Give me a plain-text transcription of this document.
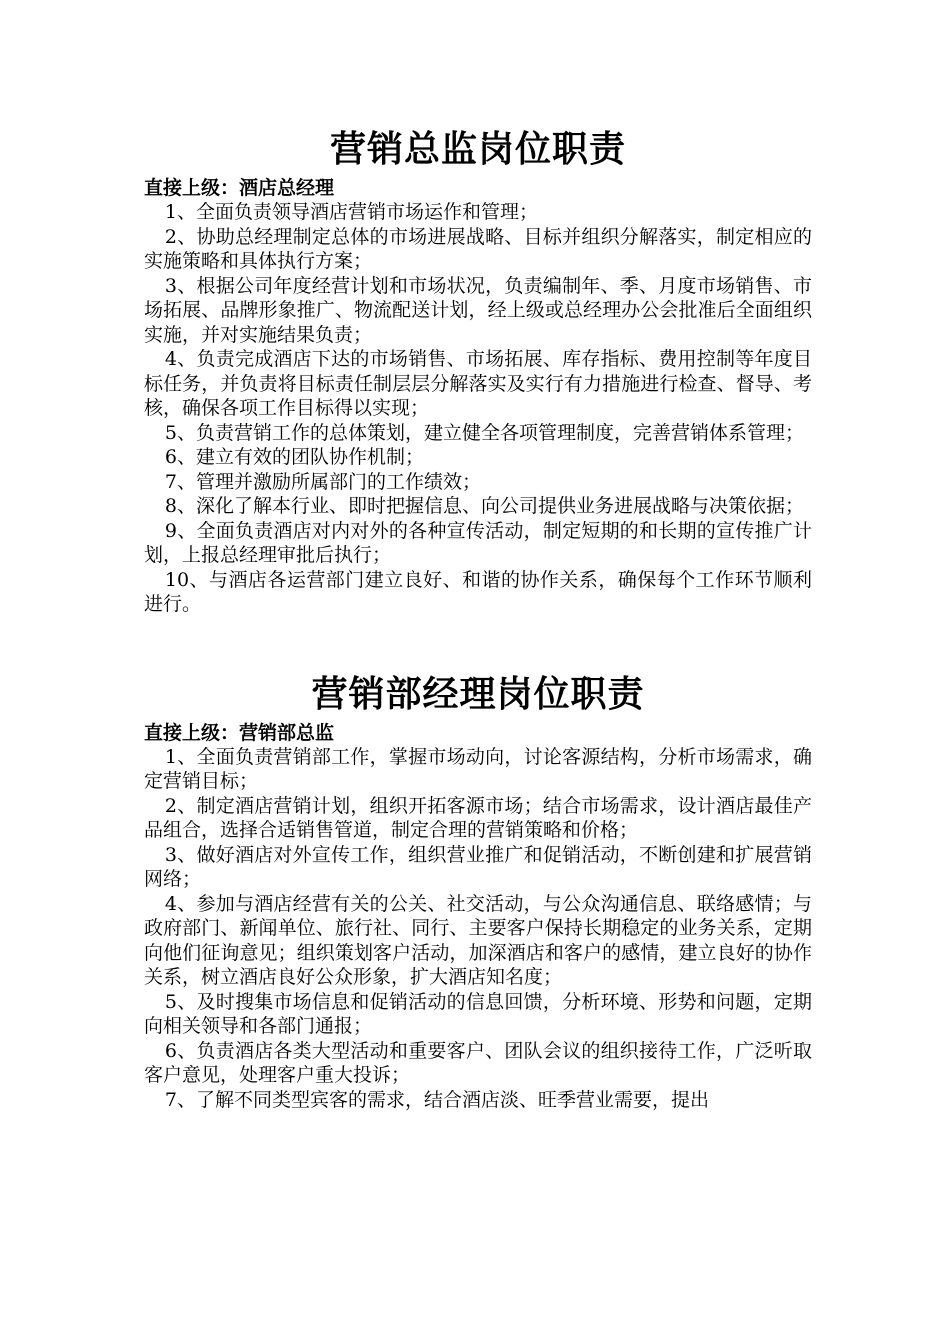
营销总监岗位职责

直接上级：酒店总经理

1、全面负责领导酒店营销市场运作和管理；

2、协助总经理制定总体的市场进展战略、目标并组织分解落实，制定相应的实施策略和具体执行方案；

3、根据公司年度经营计划和市场状况，负责编制年、季、月度市场销售、市场拓展、品牌形象推广、物流配送计划，经上级或总经理办公会批准后全面组织实施，并对实施结果负责；

4、负责完成酒店下达的市场销售、市场拓展、库存指标、费用控制等年度目标任务，并负责将目标责任制层层分解落实及实行有力措施进行检查、督导、考核，确保各项工作目标得以实现；

5、负责营销工作的总体策划，建立健全各项管理制度，完善营销体系管理；

6、建立有效的团队协作机制；

7、管理并激励所属部门的工作绩效；

8、深化了解本行业、即时把握信息、向公司提供业务进展战略与决策依据；

9、全面负责酒店对内对外的各种宣传活动，制定短期的和长期的宣传推广计划，上报总经理审批后执行；

10、与酒店各运营部门建立良好、和谐的协作关系，确保每个工作环节顺利进行。

营销部经理岗位职责

直接上级：营销部总监

1、全面负责营销部工作，掌握市场动向，讨论客源结构，分析市场需求，确定营销目标；

2、制定酒店营销计划，组织开拓客源市场；结合市场需求，设计酒店最佳产品组合，选择合适销售管道，制定合理的营销策略和价格；

3、做好酒店对外宣传工作，组织营业推广和促销活动，不断创建和扩展营销网络；

4、参加与酒店经营有关的公关、社交活动，与公众沟通信息、联络感情；与政府部门、新闻单位、旅行社、同行、主要客户保持长期稳定的业务关系，定期向他们征询意见；组织策划客户活动，加深酒店和客户的感情，建立良好的协作关系，树立酒店良好公众形象，扩大酒店知名度；

5、及时搜集市场信息和促销活动的信息回馈，分析环境、形势和问题，定期向相关领导和各部门通报；

6、负责酒店各类大型活动和重要客户、团队会议的组织接待工作，广泛听取客户意见，处理客户重大投诉；

7、了解不同类型宾客的需求，结合酒店淡、旺季营业需要，提出
